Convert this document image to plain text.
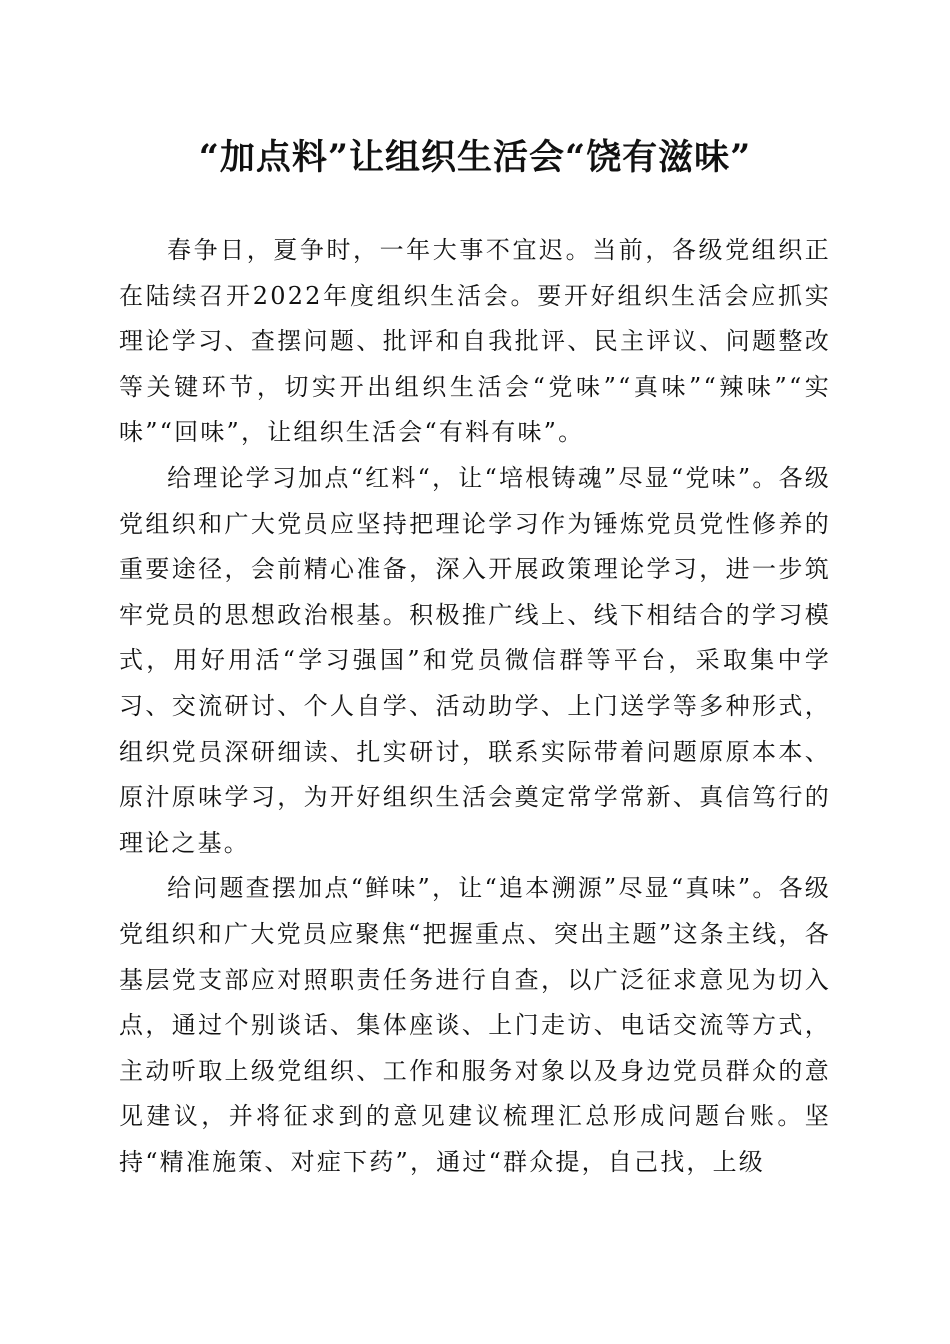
“加点料”让组织生活会“饶有滋味”

春争日，夏争时，一年大事不宜迟。当前，各级党组织正在陆续召开2022年度组织生活会。要开好组织生活会应抓实理论学习、查摆问题、批评和自我批评、民主评议、问题整改等关键环节，切实开出组织生活会“党味”“真味”“辣味”“实味”“回味”，让组织生活会“有料有味”。

给理论学习加点“红料“，让“培根铸魂”尽显“党味”。各级党组织和广大党员应坚持把理论学习作为锤炼党员党性修养的重要途径，会前精心准备，深入开展政策理论学习，进一步筑牢党员的思想政治根基。积极推广线上、线下相结合的学习模式，用好用活“学习强国”和党员微信群等平台，采取集中学习、交流研讨、个人自学、活动助学、上门送学等多种形式，组织党员深研细读、扎实研讨，联系实际带着问题原原本本、原汁原味学习，为开好组织生活会奠定常学常新、真信笃行的理论之基。

给问题查摆加点“鲜味”，让“追本溯源”尽显“真味”。各级党组织和广大党员应聚焦“把握重点、突出主题”这条主线，各基层党支部应对照职责任务进行自查，以广泛征求意见为切入点，通过个别谈话、集体座谈、上门走访、电话交流等方式，主动听取上级党组织、工作和服务对象以及身边党员群众的意见建议，并将征求到的意见建议梳理汇总形成问题台账。坚持“精准施策、对症下药”，通过“群众提，自己找，上级
